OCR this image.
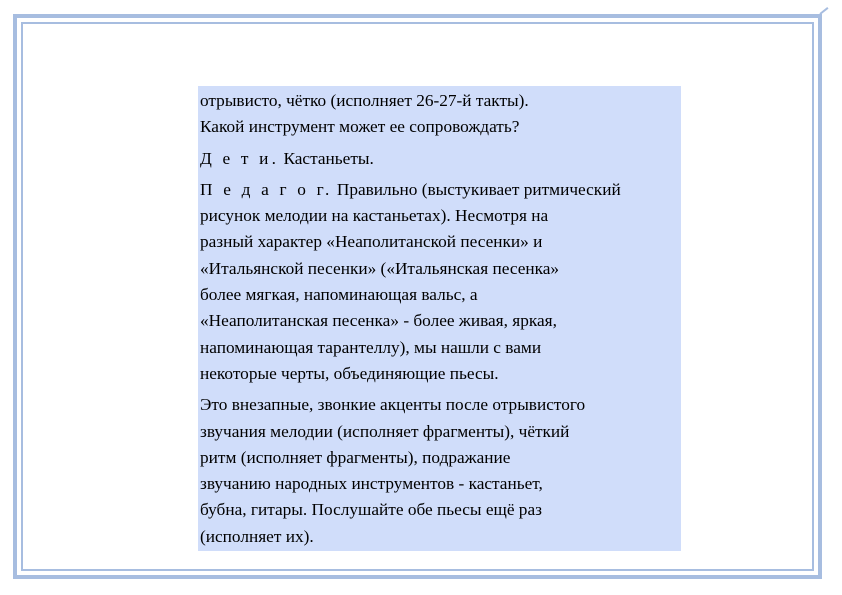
отрывисто, чётко (исполняет 26-27-й такты).
Какой инструмент может ее сопровождать?

Д е т и. Кастаньеты.

П е д а г о г. Правильно (выстукивает ритмический
рисунок мелодии на кастаньетах). Несмотря на
разный характер «Неаполитанской песенки» и
«Итальянской песенки» («Итальянская песенка»
более мягкая, напоминающая вальс, а
«Неаполитанская песенка» - более живая, яркая,
напоминающая тарантеллу), мы нашли с вами
некоторые черты, объединяющие пьесы.

Это внезапные, звонкие акценты после отрывистого
звучания мелодии (исполняет фрагменты), чёткий
ритм (исполняет фрагменты), подражание
звучанию народных инструментов - кастаньет,
бубна, гитары. Послушайте обе пьесы ещё раз
(исполняет их).
